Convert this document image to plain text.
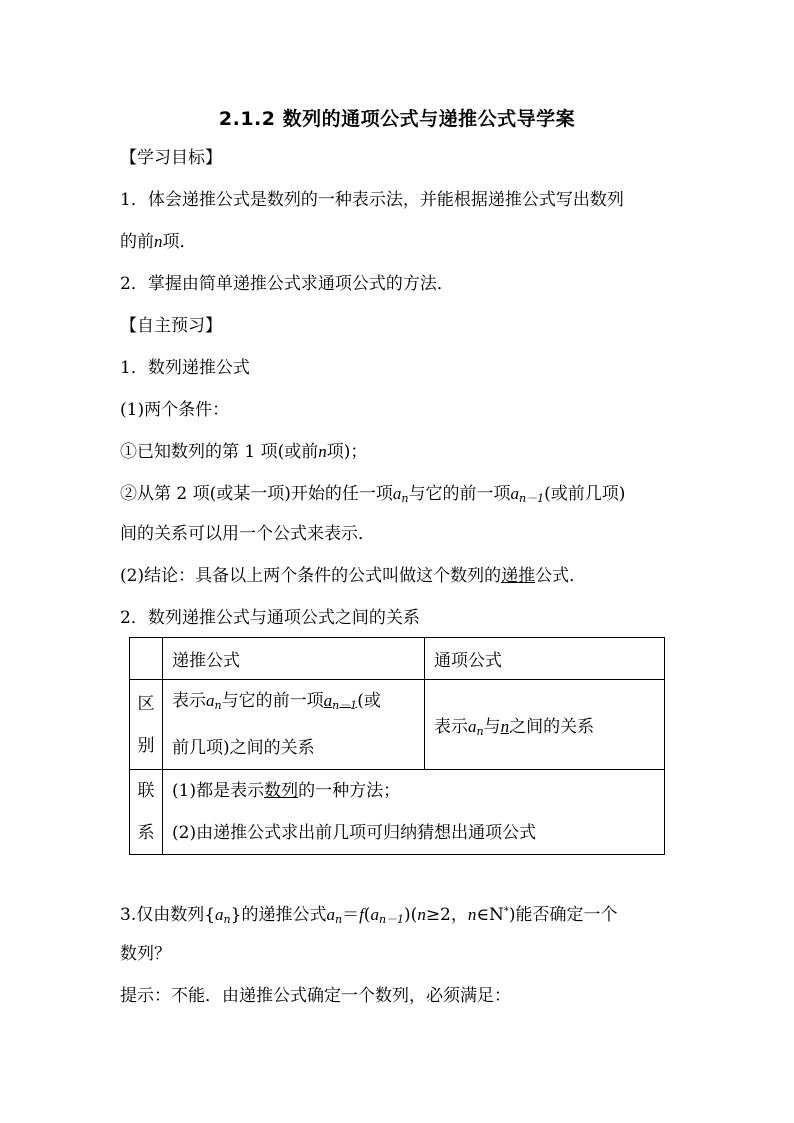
2.1.2 数列的通项公式与递推公式导学案
【学习目标】
1．体会递推公式是数列的一种表示法，并能根据递推公式写出数列
的前n项．
2．掌握由简单递推公式求通项公式的方法．
【自主预习】
1．数列递推公式
(1)两个条件：
①已知数列的第 1 项(或前n项)；
②从第 2 项(或某一项)开始的任一项$a_n$与它的前一项$a_{n-1}$(或前几项)
间的关系可以用一个公式来表示．
(2)结论：具备以上两个条件的公式叫做这个数列的递推公式．
2．数列递推公式与通项公式之间的关系
	递推公式	通项公式

区
别	表示$a_n$与它的前一项$a_{n-1}$(或
前几项)之间的关系	表示$a_n$与n之间的关系

联
系	(1)都是表示数列的一种方法；
(2)由递推公式求出前几项可归纳猜想出通项公式	
3.仅由数列$\{a_n\}$的递推公式$a_n=f(a_{n-1})(n\ge 2$，n∈N*)能否确定一个
数列？
提示：不能．由递推公式确定一个数列，必须满足：
